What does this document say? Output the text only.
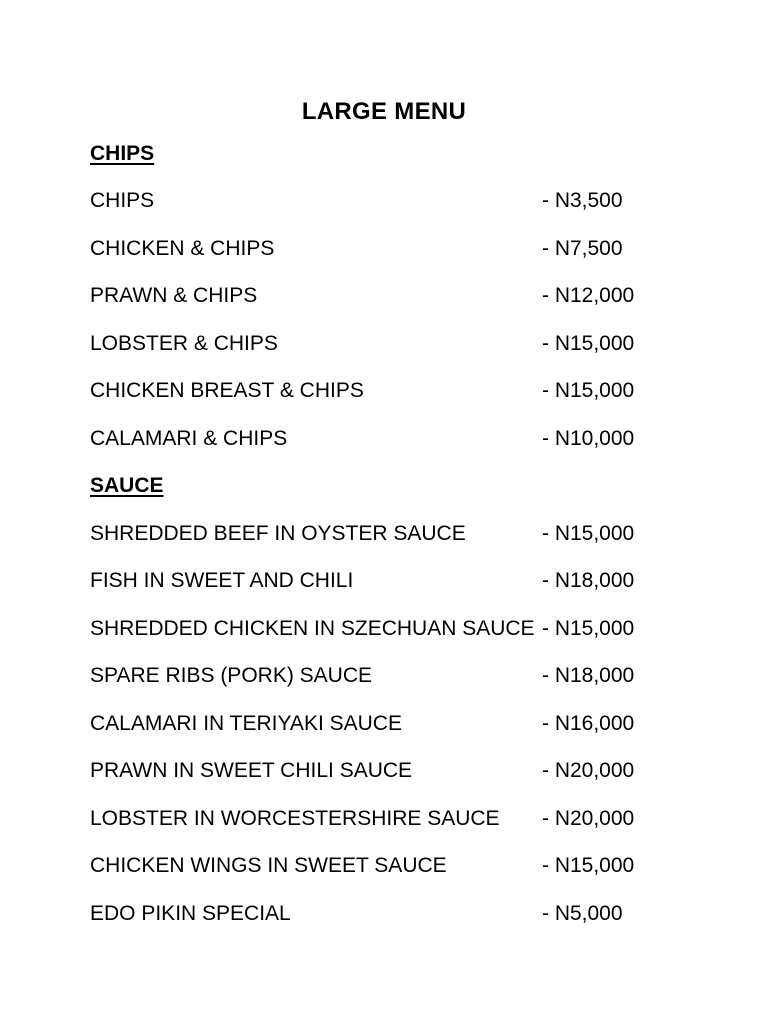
LARGE MENU
CHIPS
CHIPS	- N3,500
CHICKEN & CHIPS	- N7,500
PRAWN & CHIPS	- N12,000
LOBSTER & CHIPS	- N15,000
CHICKEN BREAST & CHIPS	- N15,000
CALAMARI & CHIPS	- N10,000
SAUCE
SHREDDED BEEF IN OYSTER SAUCE	- N15,000
FISH IN SWEET AND CHILI	- N18,000
SHREDDED CHICKEN IN SZECHUAN SAUCE - N15,000
SPARE RIBS (PORK) SAUCE	- N18,000
CALAMARI IN TERIYAKI SAUCE	- N16,000
PRAWN IN SWEET CHILI SAUCE	- N20,000
LOBSTER IN WORCESTERSHIRE SAUCE	- N20,000
CHICKEN WINGS IN SWEET SAUCE	- N15,000
EDO PIKIN SPECIAL	- N5,000
